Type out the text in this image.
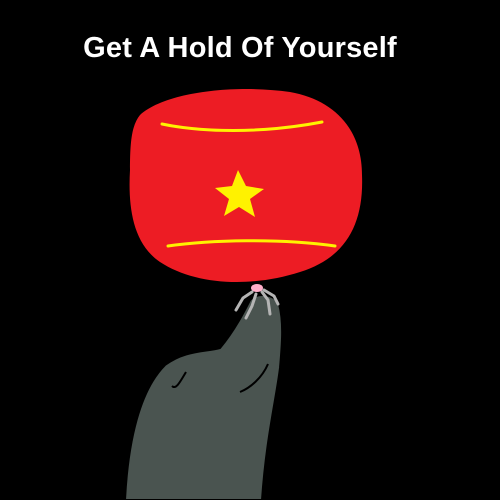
Get A Hold Of Yourself
